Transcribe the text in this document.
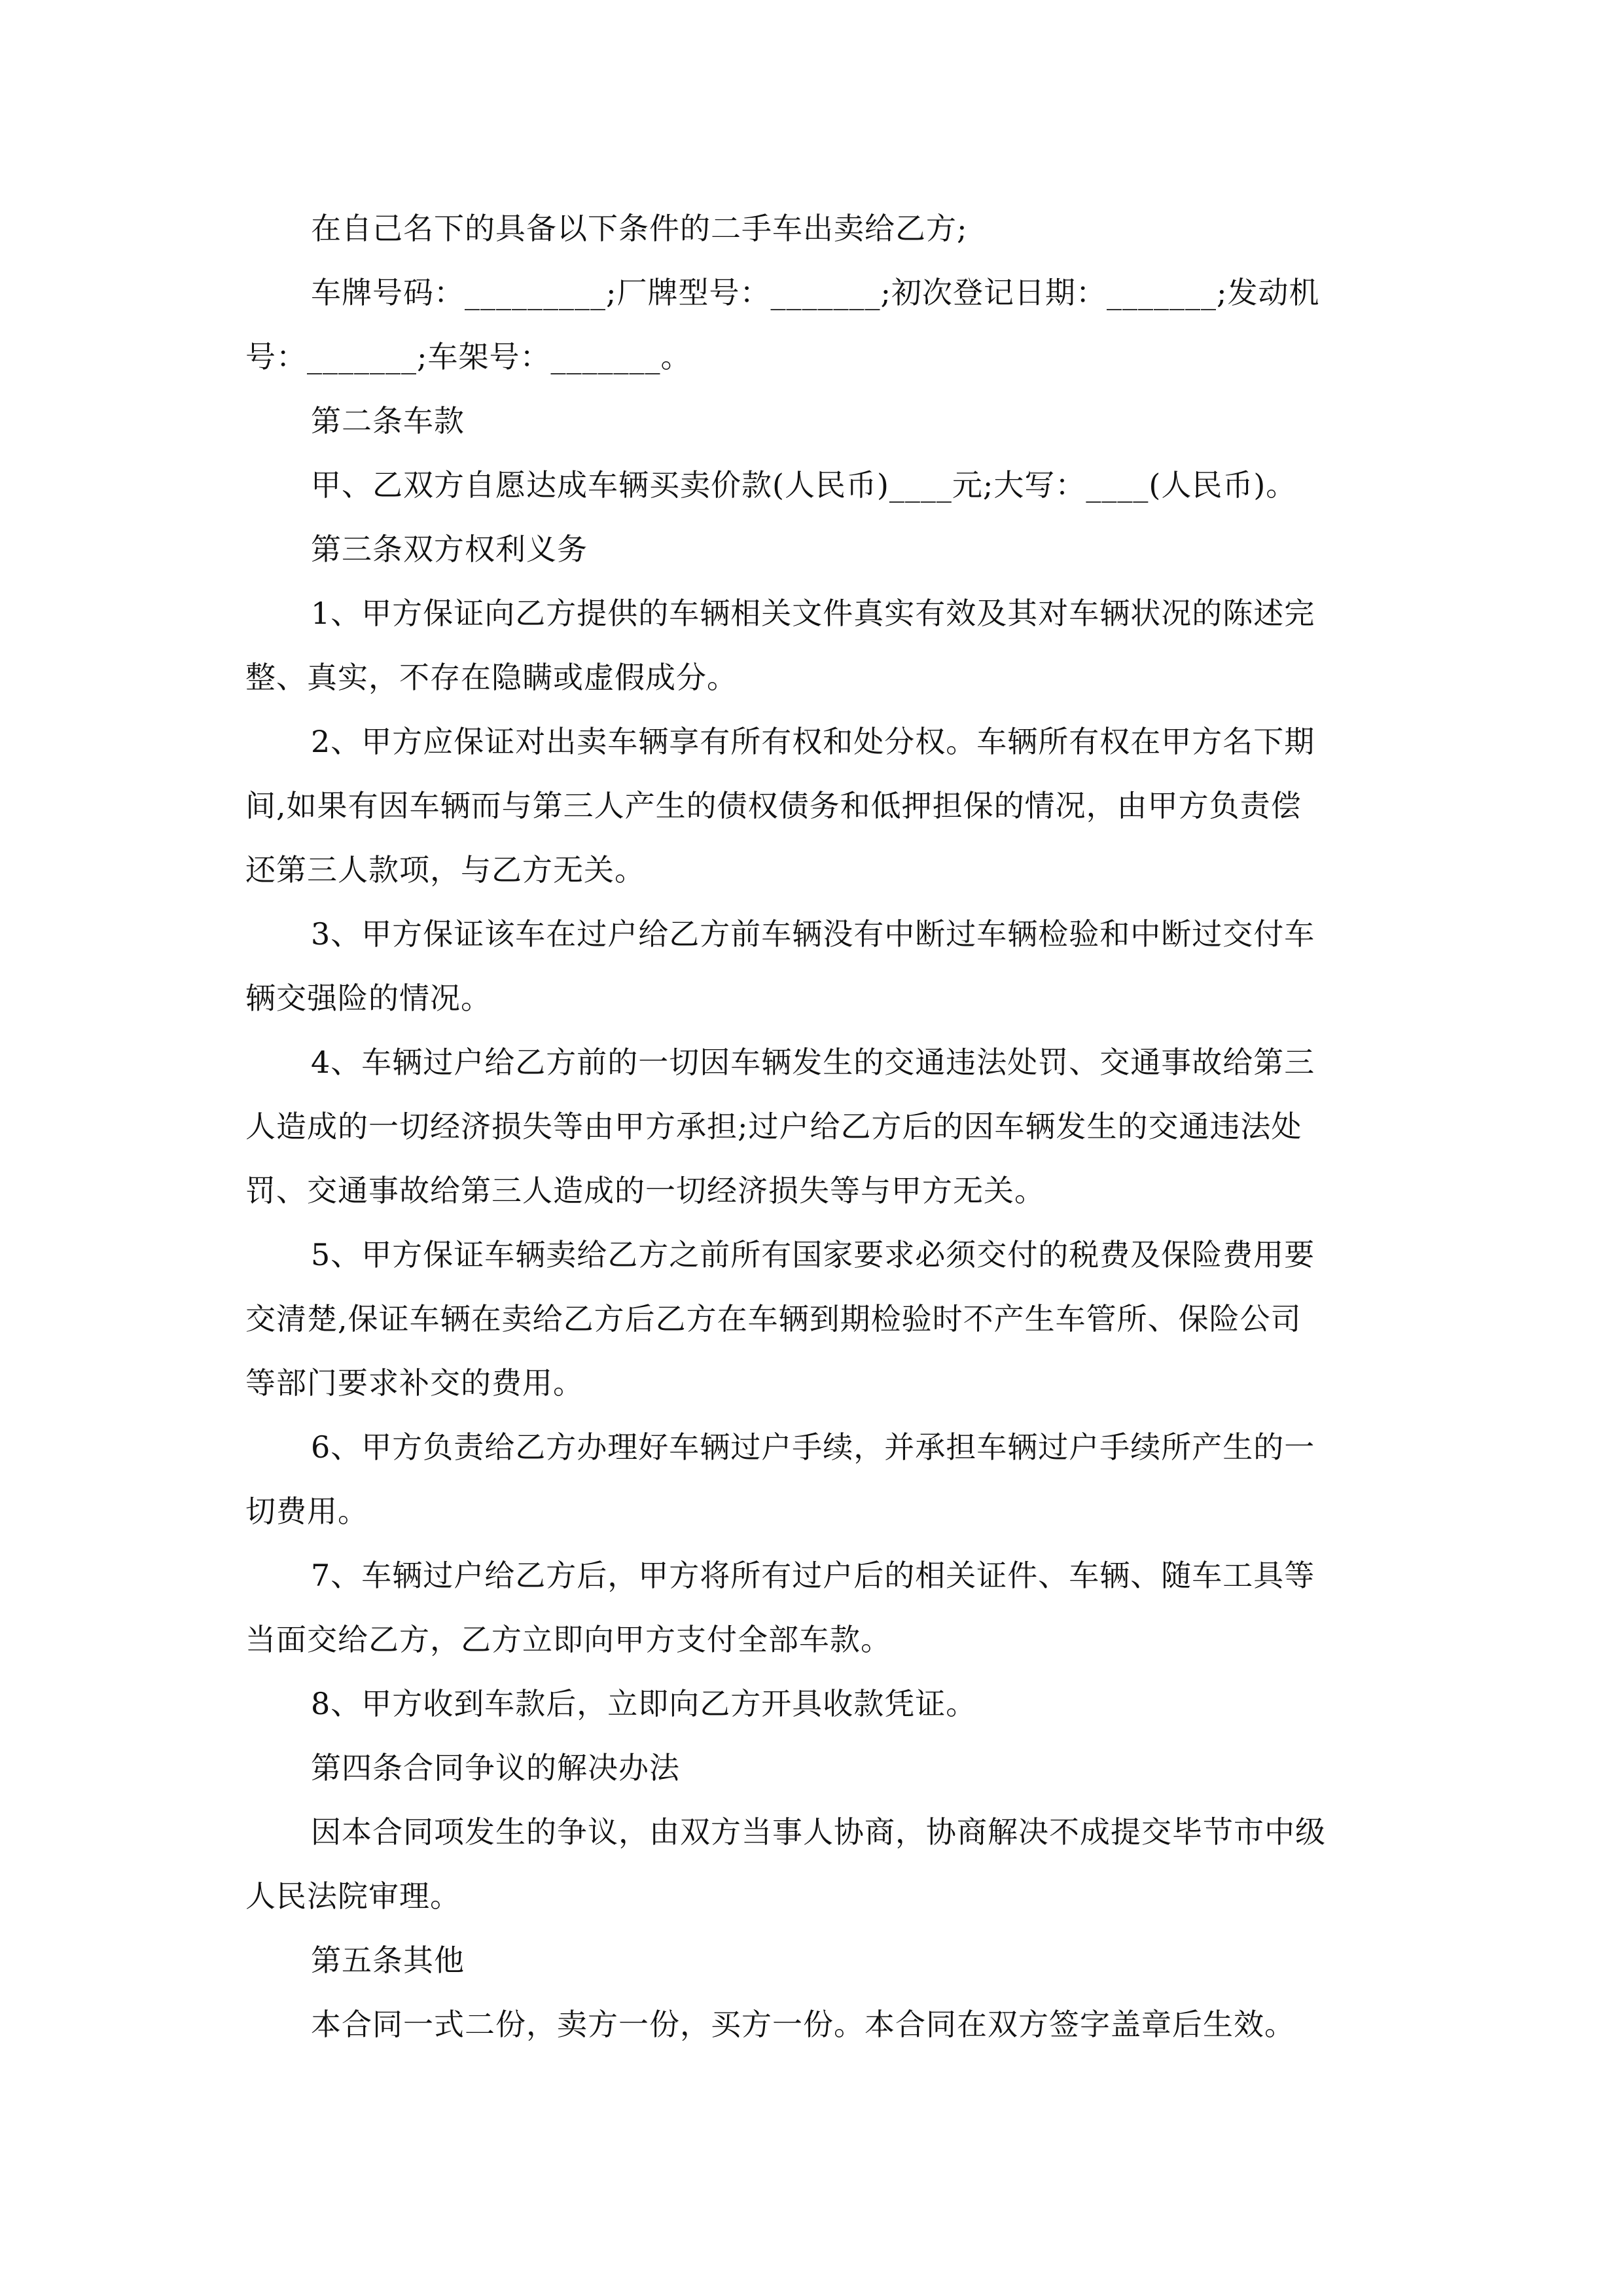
在自己名下的具备以下条件的二手车出卖给乙方;
车牌号码：_________;厂牌型号：_______;初次登记日期：_______;发动机
号：_______;车架号：_______。
第二条车款
甲、乙双方自愿达成车辆买卖价款(人民币)____元;大写：____(人民币)。
第三条双方权利义务
1、甲方保证向乙方提供的车辆相关文件真实有效及其对车辆状况的陈述完
整、真实，不存在隐瞒或虚假成分。
2、甲方应保证对出卖车辆享有所有权和处分权。车辆所有权在甲方名下期
间,如果有因车辆而与第三人产生的债权债务和低押担保的情况，由甲方负责偿
还第三人款项，与乙方无关。
3、甲方保证该车在过户给乙方前车辆没有中断过车辆检验和中断过交付车
辆交强险的情况。
4、车辆过户给乙方前的一切因车辆发生的交通违法处罚、交通事故给第三
人造成的一切经济损失等由甲方承担;过户给乙方后的因车辆发生的交通违法处
罚、交通事故给第三人造成的一切经济损失等与甲方无关。
5、甲方保证车辆卖给乙方之前所有国家要求必须交付的税费及保险费用要
交清楚,保证车辆在卖给乙方后乙方在车辆到期检验时不产生车管所、保险公司
等部门要求补交的费用。
6、甲方负责给乙方办理好车辆过户手续，并承担车辆过户手续所产生的一
切费用。
7、车辆过户给乙方后，甲方将所有过户后的相关证件、车辆、随车工具等
当面交给乙方，乙方立即向甲方支付全部车款。
8、甲方收到车款后，立即向乙方开具收款凭证。
第四条合同争议的解决办法
因本合同项发生的争议，由双方当事人协商，协商解决不成提交毕节市中级
人民法院审理。
第五条其他
本合同一式二份，卖方一份，买方一份。本合同在双方签字盖章后生效。
